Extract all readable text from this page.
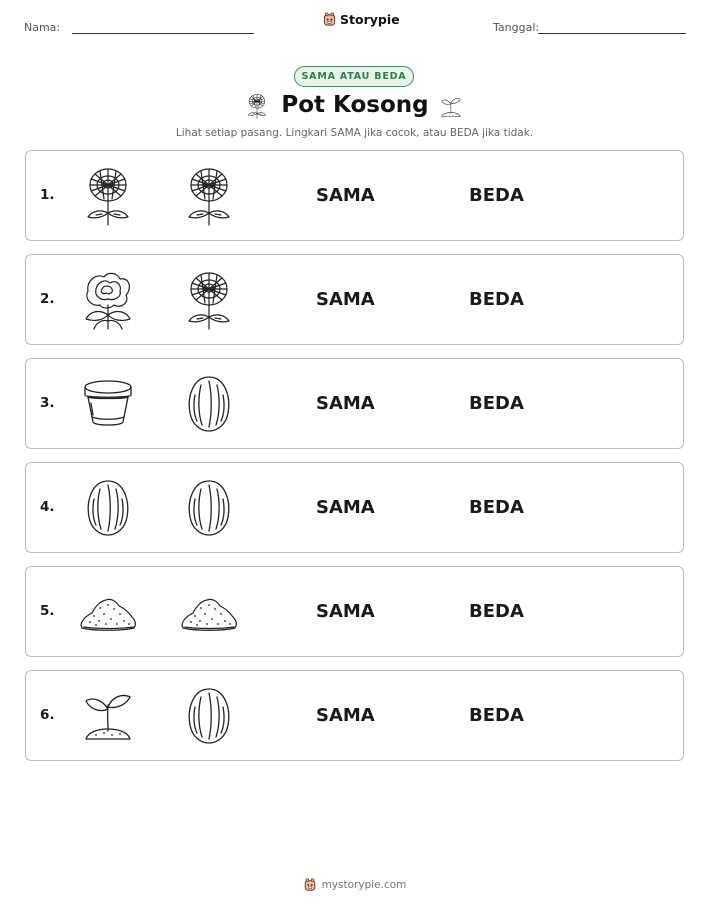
Nama:
Storypie
Tanggal:
SAMA ATAU BEDA
Pot Kosong
Lihat setiap pasang. Lingkari SAMA jika cocok, atau BEDA jika tidak.
1.	SAMA	BEDA
2.	SAMA	BEDA
3.	SAMA	BEDA
4.	SAMA	BEDA
5.	SAMA	BEDA
6.	SAMA	BEDA
mystorypie.com
